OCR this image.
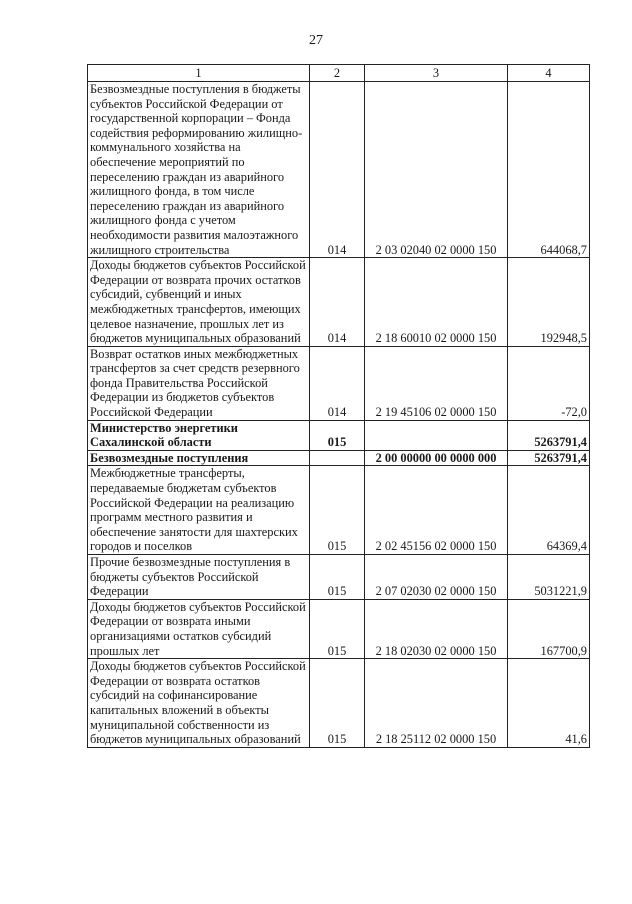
27
1	2	3	4
Безвозмездные поступления в бюджеты субъектов Российской Федерации от государственной корпорации – Фонда содействия реформированию жилищно-коммунального хозяйства на обеспечение мероприятий по переселению граждан из аварийного жилищного фонда, в том числе переселению граждан из аварийного жилищного фонда с учетом необходимости развития малоэтажного жилищного строительства	014	2 03 02040 02 0000 150	644068,7
Доходы бюджетов субъектов Российской Федерации от возврата прочих остатков субсидий, субвенций и иных межбюджетных трансфертов, имеющих целевое назначение, прошлых лет из бюджетов муниципальных образований	014	2 18 60010 02 0000 150	192948,5
Возврат остатков иных межбюджетных трансфертов за счет средств резервного фонда Правительства Российской Федерации из бюджетов субъектов Российской Федерации	014	2 19 45106 02 0000 150	-72,0
Министерство энергетики Сахалинской области	015		5263791,4
Безвозмездные поступления		2 00 00000 00 0000 000	5263791,4
Межбюджетные трансферты, передаваемые бюджетам субъектов Российской Федерации на реализацию программ местного развития и обеспечение занятости для шахтерских городов и поселков	015	2 02 45156 02 0000 150	64369,4
Прочие безвозмездные поступления в бюджеты субъектов Российской Федерации	015	2 07 02030 02 0000 150	5031221,9
Доходы бюджетов субъектов Российской Федерации от возврата иными организациями остатков субсидий прошлых лет	015	2 18 02030 02 0000 150	167700,9
Доходы бюджетов субъектов Российской Федерации от возврата остатков субсидий на софинансирование капитальных вложений в объекты муниципальной собственности из бюджетов муниципальных образований	015	2 18 25112 02 0000 150	41,6
